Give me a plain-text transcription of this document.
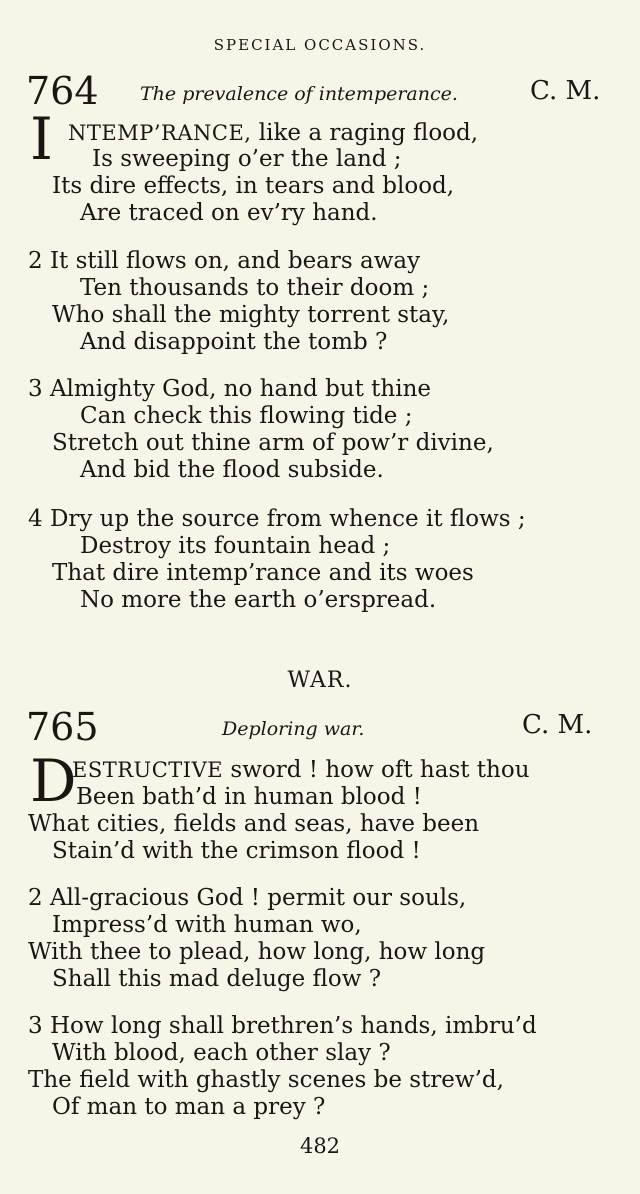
SPECIAL OCCASIONS.
764 The prevalence of intemperance.	C. M.
I NTEMP’RANCE, like a raging flood,
Is sweeping o’er the land ;
Its dire effects, in tears and blood,
Are traced on ev’ry hand.
2 It still flows on, and bears away
Ten thousands to their doom ;
Who shall the mighty torrent stay,
And disappoint the tomb ?
3 Almighty God, no hand but thine
Can check this flowing tide ;
Stretch out thine arm of pow’r divine,
And bid the flood subside.
4 Dry up the source from whence it flows ;
Destroy its fountain head ;
That dire intemp’rance and its woes
No more the earth o’erspread.
WAR.
765	Deploring war.	C. M.
D
ESTRUCTIVE sword ! how oft hast thou
Been bath’d in human blood !
What cities, fields and seas, have been
Stain’d with the crimson flood !
2 All-gracious God ! permit our souls,
Impress’d with human wo,
With thee to plead, how long, how long
Shall this mad deluge flow ?
3 How long shall brethren’s hands, imbru’d
With blood, each other slay ?
The field with ghastly scenes be strew’d,
Of man to man a prey ?
482
